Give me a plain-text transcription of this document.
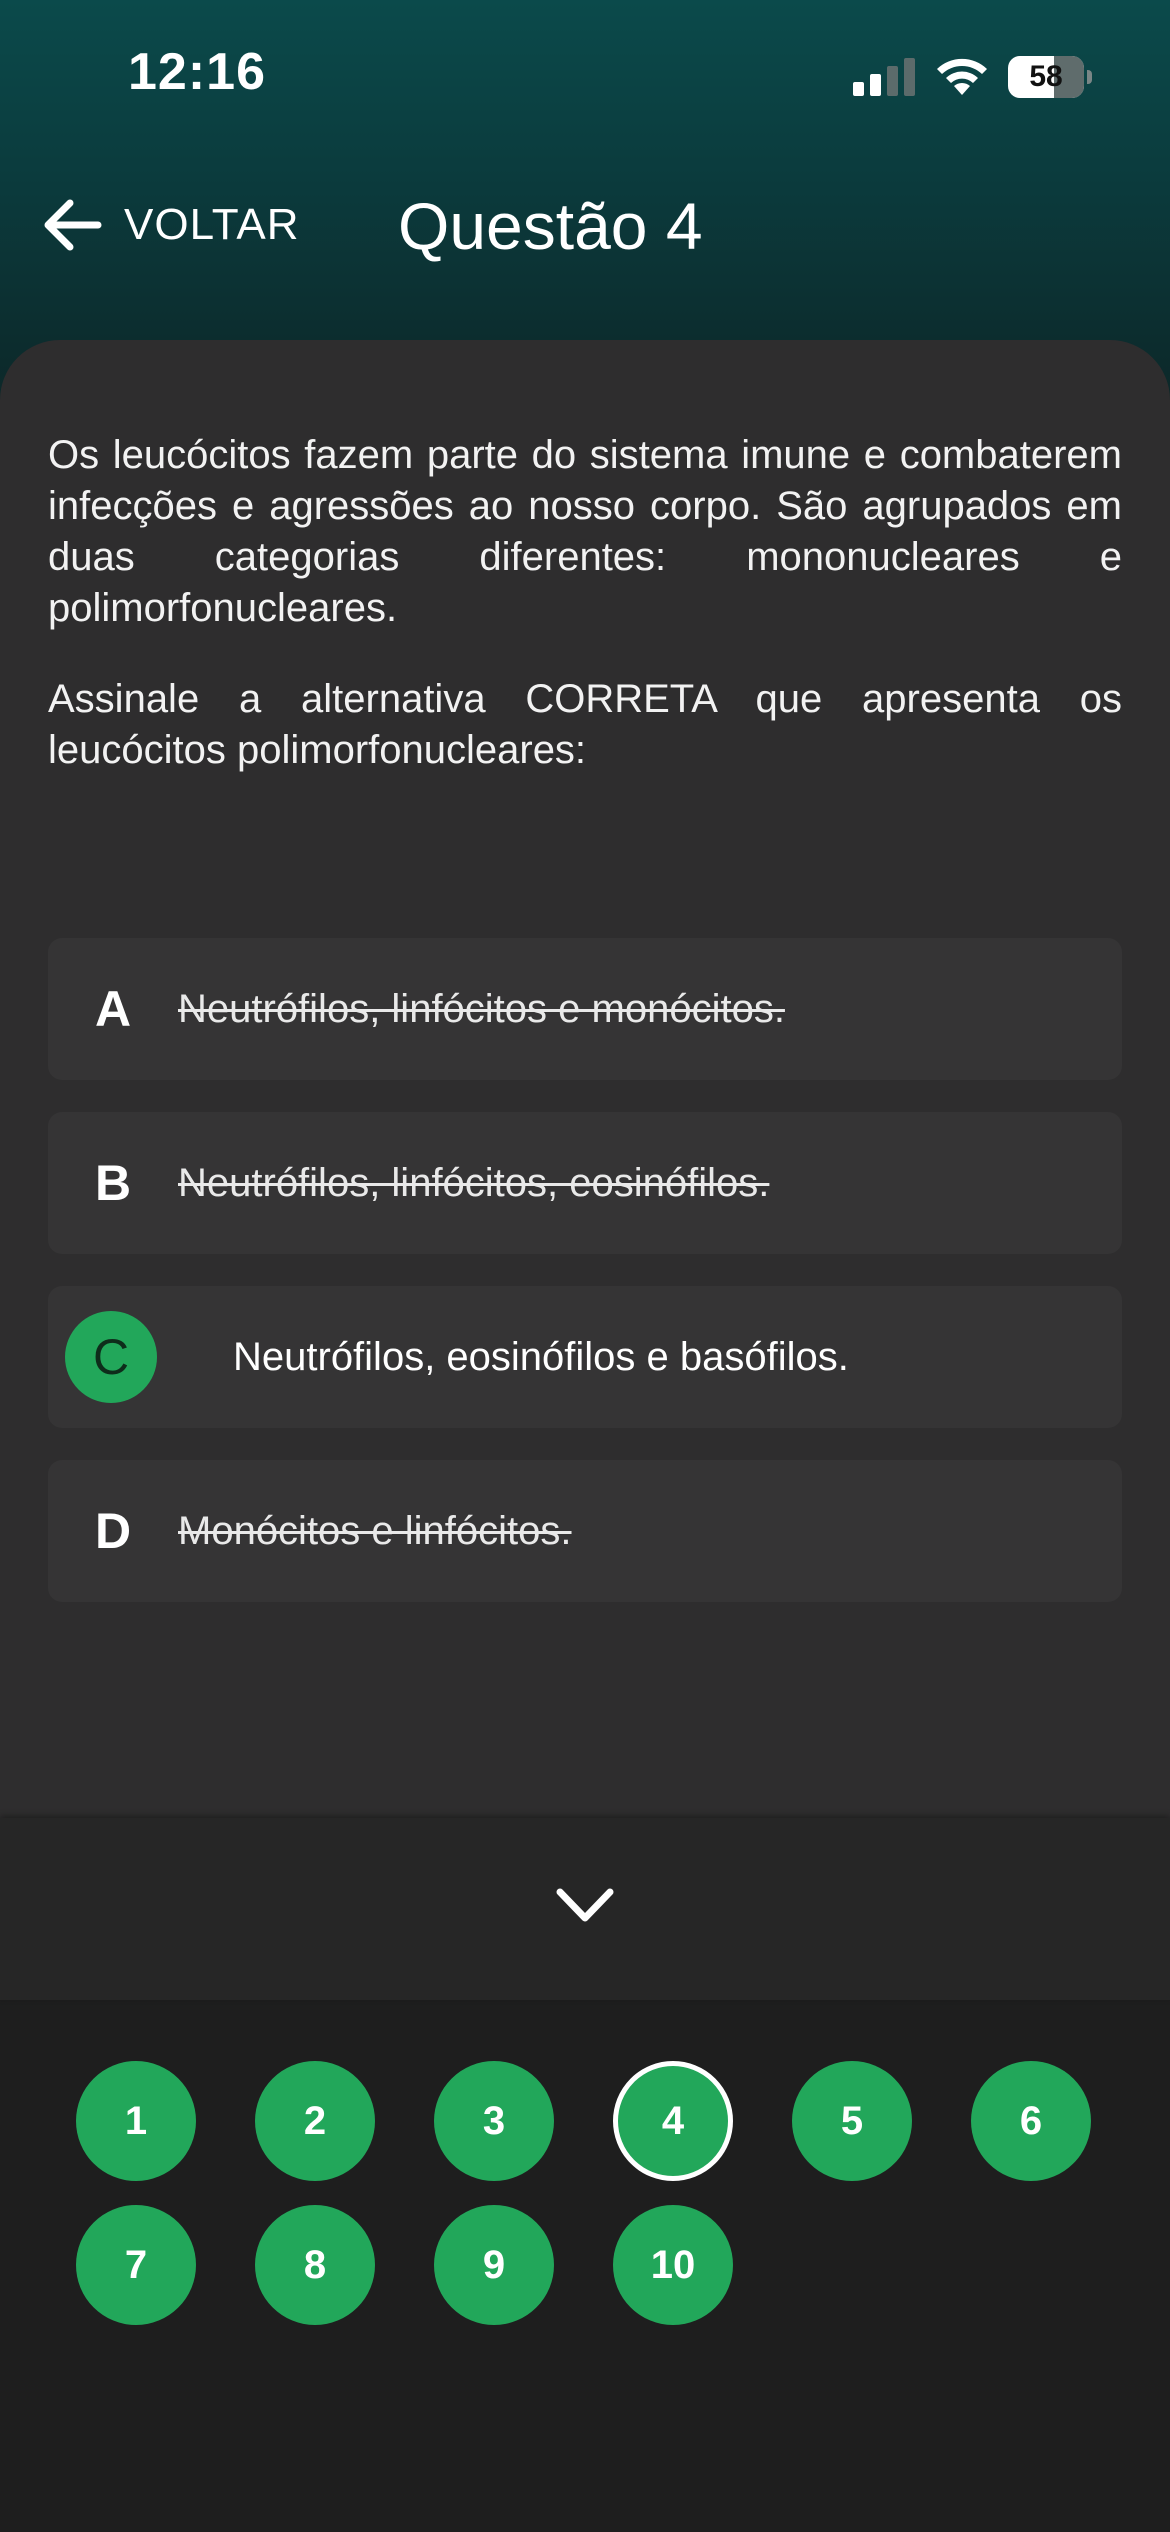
12:16	58
VOLTAR Questão 4

Os leucócitos fazem parte do sistema imune e combaterem infecções e agressões ao nosso corpo. São agrupados em duas categorias diferentes: mononucleares e polimorfonucleares.

Assinale a alternativa CORRETA que apresenta os leucócitos polimorfonucleares:

A	Neutrófilos, linfócitos e monócitos.
B	Neutrófilos, linfócitos, eosinófilos.
C	Neutrófilos, eosinófilos e basófilos.
D	Monócitos e linfócitos.
1	2	3	4	5	6
7	8	9	10
